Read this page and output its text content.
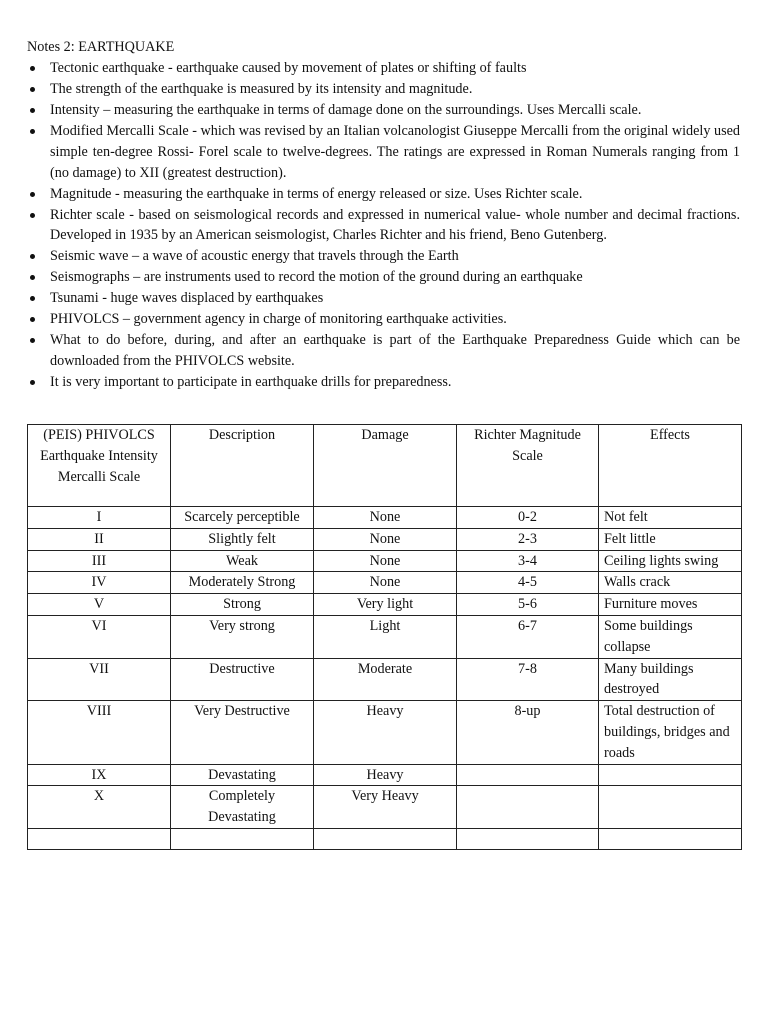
Notes 2: EARTHQUAKE
Tectonic earthquake - earthquake caused by movement of plates or shifting of faults
The strength of the earthquake is measured by its intensity and magnitude.
Intensity – measuring the earthquake in terms of damage done on the surroundings. Uses Mercalli scale.
Modified Mercalli Scale - which was revised by an Italian volcanologist Giuseppe Mercalli from the original widely used simple ten-degree Rossi- Forel scale to twelve-degrees. The ratings are expressed in Roman Numerals ranging from 1 (no damage) to XII (greatest destruction).
Magnitude - measuring the earthquake in terms of energy released or size. Uses Richter scale.
Richter scale - based on seismological records and expressed in numerical value- whole number and decimal fractions. Developed in 1935 by an American seismologist, Charles Richter and his friend, Beno Gutenberg.
Seismic wave – a wave of acoustic energy that travels through the Earth
Seismographs – are instruments used to record the motion of the ground during an earthquake
Tsunami - huge waves displaced by earthquakes
PHIVOLCS – government agency in charge of monitoring earthquake activities.
What to do before, during, and after an earthquake is part of the Earthquake Preparedness Guide which can be downloaded from the PHIVOLCS website.
It is very important to participate in earthquake drills for preparedness.
(PEIS) PHIVOLCS Earthquake Intensity Mercalli Scale	Description	Damage	Richter Magnitude Scale	Effects
I	Scarcely perceptible	None	0-2	Not felt
II	Slightly felt	None	2-3	Felt little
III	Weak	None	3-4	Ceiling lights swing
IV	Moderately Strong	None	4-5	Walls crack
V	Strong	Very light	5-6	Furniture moves
VI	Very strong	Light	6-7	Some buildings collapse
VII	Destructive	Moderate	7-8	Many buildings destroyed
VIII	Very Destructive	Heavy	8-up	Total destruction of buildings, bridges and roads
IX	Devastating	Heavy		
X	Completely Devastating	Very Heavy		
